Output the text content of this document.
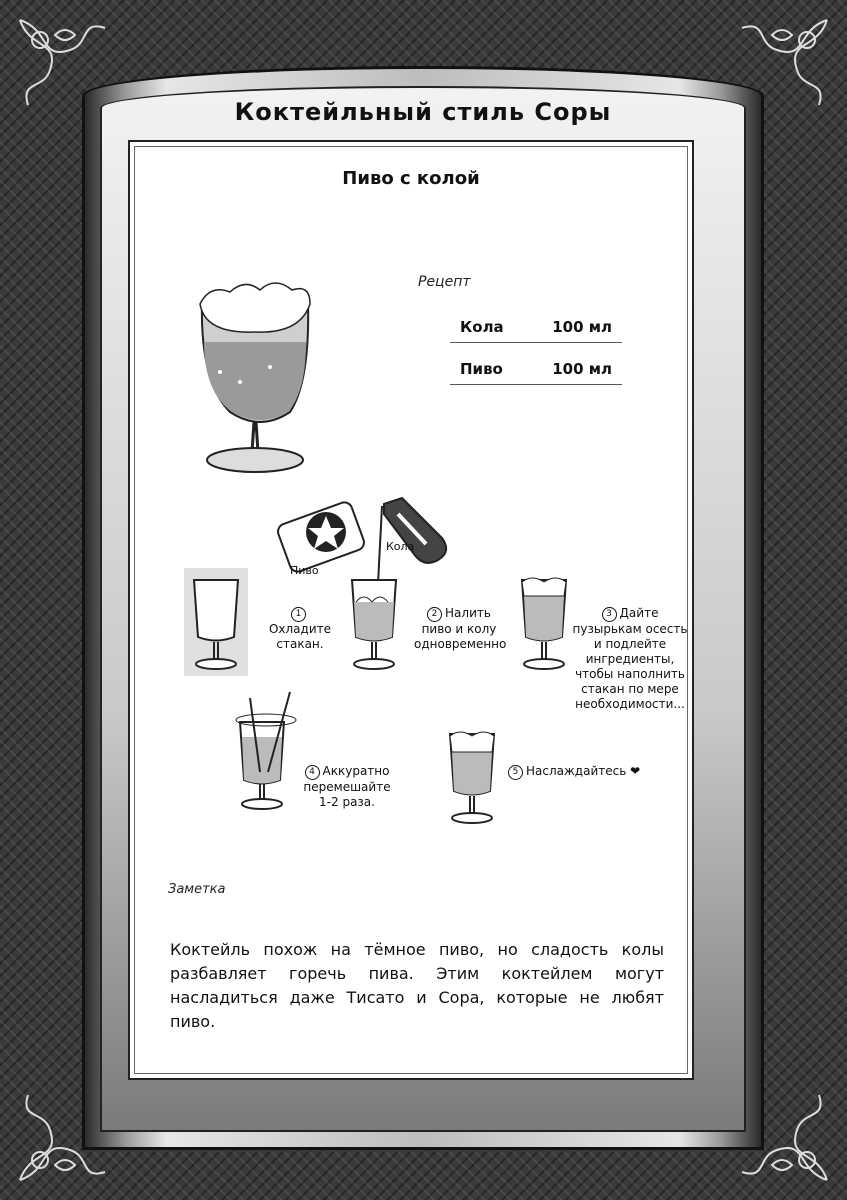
Коктейльный стиль Соры
Пиво с колой
Рецепт
Кола	100 мл
Пиво	100 мл
Пиво
Кола
1Охладите стакан.
2 Налить пиво и колу одновременно
3 Дайте пузырькам осесть и подлейте ингредиенты, чтобы наполнить стакан по мере необходимости...
4 Аккуратно перемешайте 1-2 раза.
5 Наслаждайтесь ❤
Заметка
Коктейль похож на тёмное пиво, но сладость колы разбавляет горечь пива. Этим коктейлем могут насладиться даже Тисато и Сора, которые не любят пиво.
